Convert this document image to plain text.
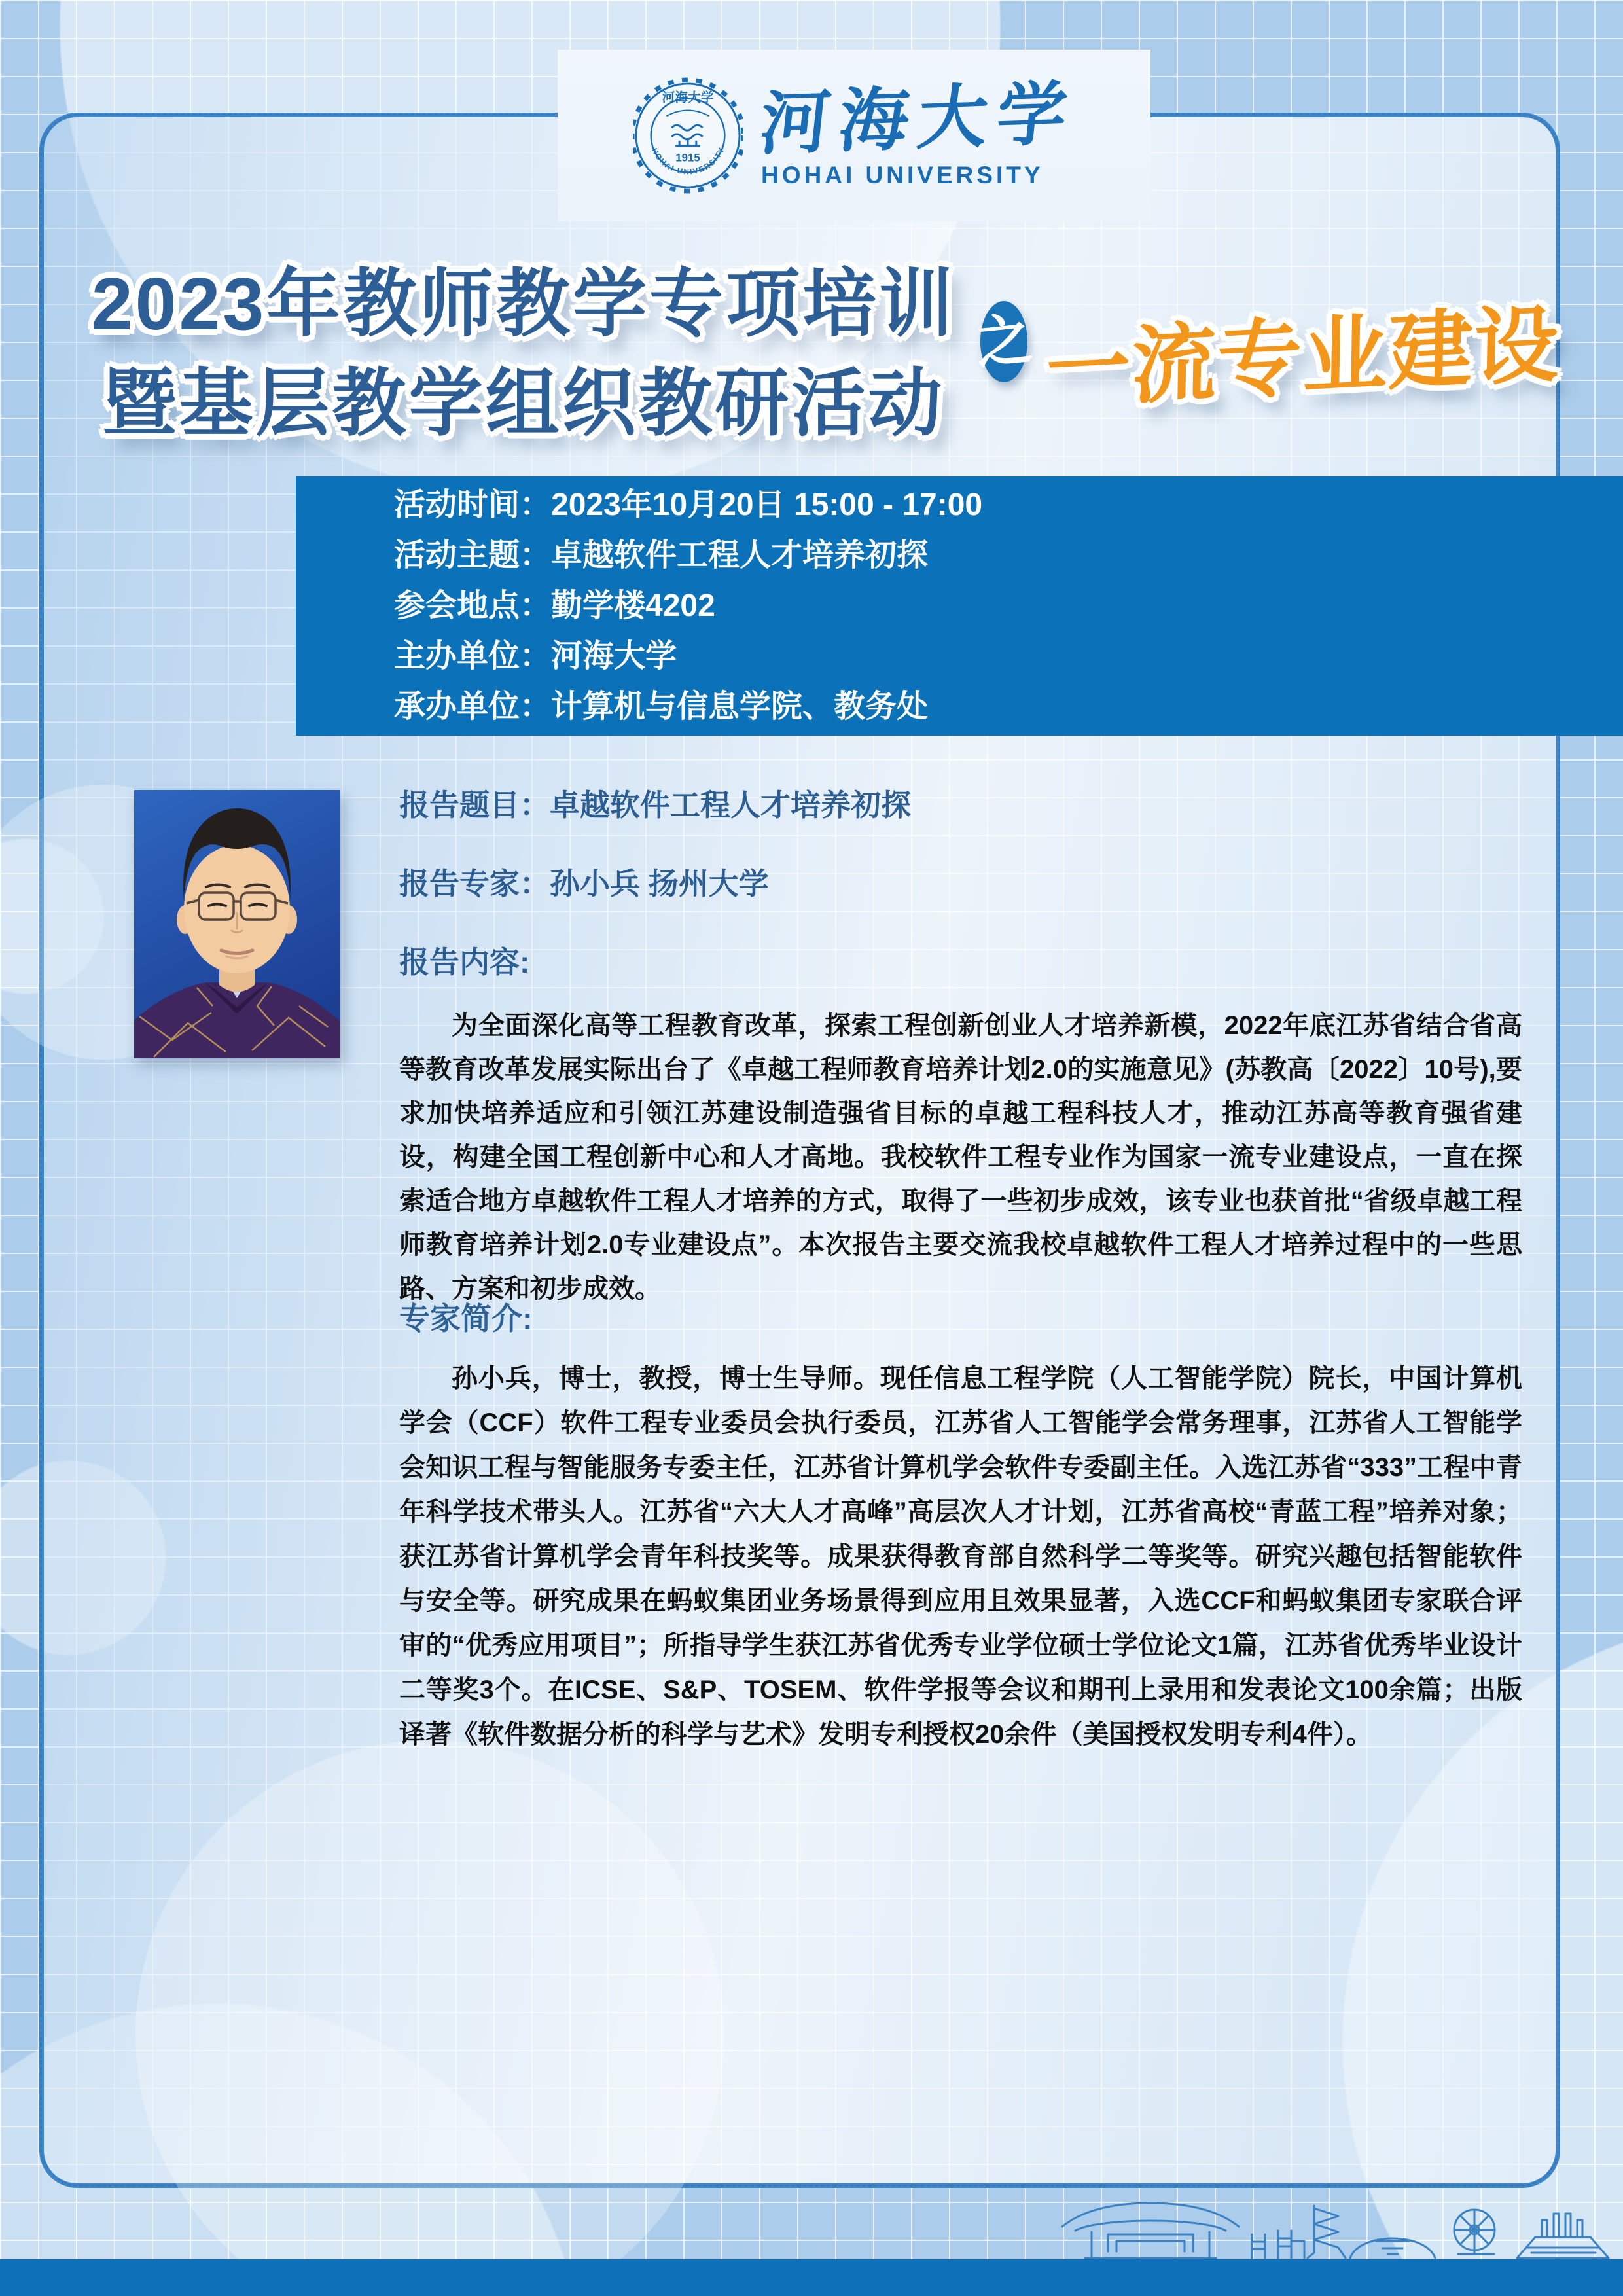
1915
HOHAI UNIVERSITY
河海大学 河海大学
HOHAI UNIVERSITY
2023年教师教学专项培训
暨基层教学组织教研活动
之 一流专业建设
活动时间：2023年10月20日 15:00 - 17:00
活动主题：卓越软件工程人才培养初探
参会地点：勤学楼4202
主办单位：河海大学
承办单位：计算机与信息学院、教务处
报告题目：卓越软件工程人才培养初探
报告专家：孙小兵 扬州大学
报告内容:
为全面深化高等工程教育改革，探索工程创新创业人才培养新模，2022年底江苏省结合省高等教育改革发展实际出台了《卓越工程师教育培养计划2.0的实施意见》(苏教高〔2022〕10号),要求加快培养适应和引领江苏建设制造强省目标的卓越工程科技人才，推动江苏高等教育强省建设，构建全国工程创新中心和人才高地。我校软件工程专业作为国家一流专业建设点，一直在探索适合地方卓越软件工程人才培养的方式，取得了一些初步成效，该专业也获首批“省级卓越工程师教育培养计划2.0专业建设点”。本次报告主要交流我校卓越软件工程人才培养过程中的一些思路、方案和初步成效。
专家简介:
孙小兵，博士，教授，博士生导师。现任信息工程学院（人工智能学院）院长，中国计算机学会（CCF）软件工程专业委员会执行委员，江苏省人工智能学会常务理事，江苏省人工智能学会知识工程与智能服务专委主任，江苏省计算机学会软件专委副主任。入选江苏省“333”工程中青年科学技术带头人。江苏省“六大人才高峰”高层次人才计划，江苏省高校“青蓝工程”培养对象；获江苏省计算机学会青年科技奖等。成果获得教育部自然科学二等奖等。研究兴趣包括智能软件与安全等。研究成果在蚂蚁集团业务场景得到应用且效果显著，入选CCF和蚂蚁集团专家联合评审的“优秀应用项目”；所指导学生获江苏省优秀专业学位硕士学位论文1篇，江苏省优秀毕业设计二等奖3个。在ICSE、S&P、TOSEM、软件学报等会议和期刊上录用和发表论文100余篇；出版译著《软件数据分析的科学与艺术》发明专利授权20余件（美国授权发明专利4件）。
